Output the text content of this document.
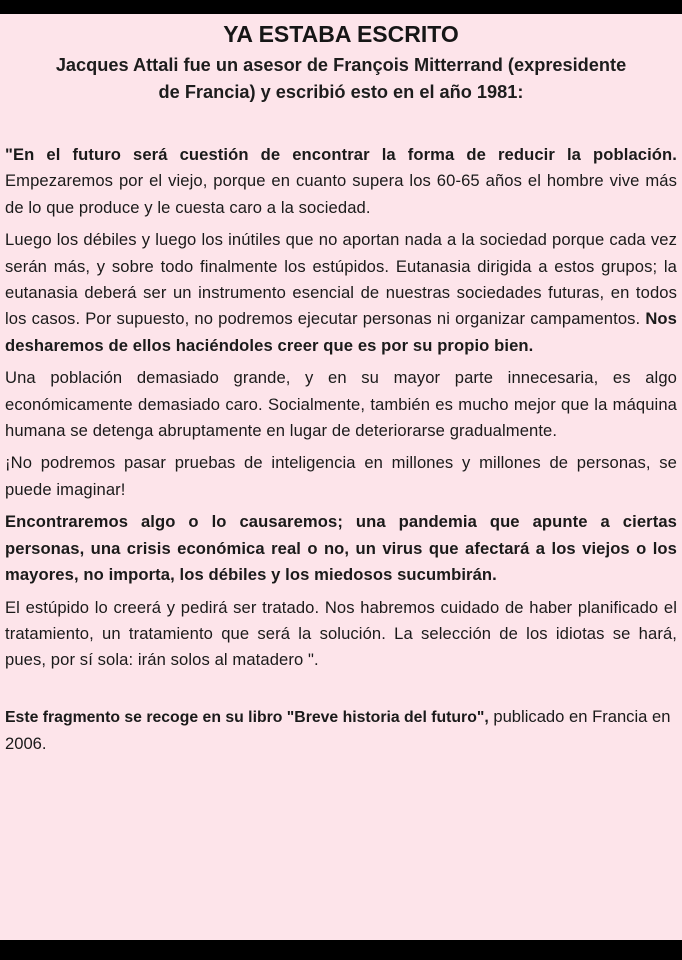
YA ESTABA ESCRITO
Jacques Attali fue un asesor de François Mitterrand (expresidente
de Francia) y escribió esto en el año 1981:

"En el futuro será cuestión de encontrar la forma de reducir la población. Empezaremos por el viejo, porque en cuanto supera los 60-65 años el hombre vive más de lo que produce y le cuesta caro a la sociedad.

Luego los débiles y luego los inútiles que no aportan nada a la sociedad porque cada vez serán más, y sobre todo finalmente los estúpidos. Eutanasia dirigida a estos grupos; la eutanasia deberá ser un instrumento esencial de nuestras sociedades futuras, en todos los casos. Por supuesto, no podremos ejecutar personas ni organizar campamentos. Nos desharemos de ellos haciéndoles creer que es por su propio bien.

Una población demasiado grande, y en su mayor parte innecesaria, es algo económicamente demasiado caro. Socialmente, también es mucho mejor que la máquina humana se detenga abruptamente en lugar de deteriorarse gradualmente.

¡No podremos pasar pruebas de inteligencia en millones y millones de personas, se puede imaginar!

Encontraremos algo o lo causaremos; una pandemia que apunte a ciertas personas, una crisis económica real o no, un virus que afectará a los viejos o los mayores, no importa, los débiles y los miedosos sucumbirán.

El estúpido lo creerá y pedirá ser tratado. Nos habremos cuidado de haber planificado el tratamiento, un tratamiento que será la solución. La selección de los idiotas se hará, pues, por sí sola: irán solos al matadero ".

Este fragmento se recoge en su libro "Breve historia del futuro", publicado en Francia en 2006.
